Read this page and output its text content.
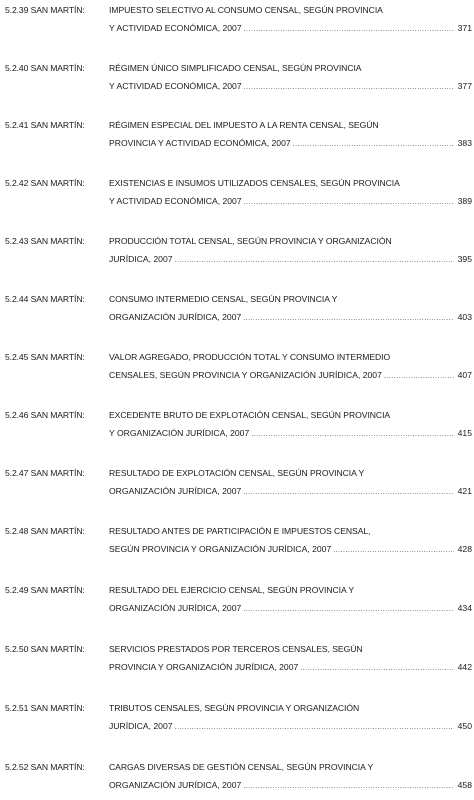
5.2.39 SAN MARTÍN:	IMPUESTO SELECTIVO AL CONSUMO CENSAL, SEGÚN PROVINCIA
Y ACTIVIDAD ECONÓMICA, 2007 .....	371
5.2.40 SAN MARTÍN:	RÉGIMEN ÚNICO SIMPLIFICADO CENSAL, SEGÚN PROVINCIA
Y ACTIVIDAD ECONÓMICA, 2007 .....	377
5.2.41 SAN MARTÍN:	RÉGIMEN ESPECIAL DEL IMPUESTO A LA RENTA CENSAL, SEGÚN
PROVINCIA Y ACTIVIDAD ECONÓMICA, 2007 .....	383
5.2.42 SAN MARTÍN:	EXISTENCIAS E INSUMOS UTILIZADOS CENSALES, SEGÚN PROVINCIA
Y ACTIVIDAD ECONÓMICA, 2007 .....	389
5.2.43 SAN MARTÍN:	PRODUCCIÓN TOTAL CENSAL, SEGÚN PROVINCIA Y ORGANIZACIÓN
JURÍDICA, 2007 .....	395
5.2.44 SAN MARTÍN:	CONSUMO INTERMEDIO CENSAL, SEGÚN PROVINCIA Y
ORGANIZACIÓN JURÍDICA, 2007 .....	403
5.2.45 SAN MARTÍN:	VALOR AGREGADO, PRODUCCIÓN TOTAL Y CONSUMO INTERMEDIO
CENSALES, SEGÚN PROVINCIA Y ORGANIZACIÓN JURÍDICA, 2007 .....	407
5.2.46 SAN MARTÍN:	EXCEDENTE BRUTO DE EXPLOTACIÓN CENSAL, SEGÚN PROVINCIA
Y ORGANIZACIÓN JURÍDICA, 2007 .....	415
5.2.47 SAN MARTÍN:	RESULTADO DE EXPLOTACIÓN CENSAL, SEGÚN PROVINCIA Y
ORGANIZACIÓN JURÍDICA, 2007 .....	421
5.2.48 SAN MARTÍN:	RESULTADO ANTES DE PARTICIPACIÓN E IMPUESTOS CENSAL,
SEGÚN PROVINCIA Y ORGANIZACIÓN JURÍDICA, 2007 .....	428
5.2.49 SAN MARTÍN:	RESULTADO DEL EJERCICIO CENSAL, SEGÚN PROVINCIA Y
ORGANIZACIÓN JURÍDICA, 2007 .....	434
5.2.50 SAN MARTÍN:	SERVICIOS PRESTADOS POR TERCEROS CENSALES, SEGÚN
PROVINCIA Y ORGANIZACIÓN JURÍDICA, 2007 .....	442
5.2.51 SAN MARTÍN:	TRIBUTOS CENSALES, SEGÚN PROVINCIA Y ORGANIZACIÓN
JURÍDICA, 2007 .....	450
5.2.52 SAN MARTÍN:	CARGAS DIVERSAS DE GESTIÓN CENSAL, SEGÚN PROVINCIA Y
ORGANIZACIÓN JURÍDICA, 2007 .....	458
